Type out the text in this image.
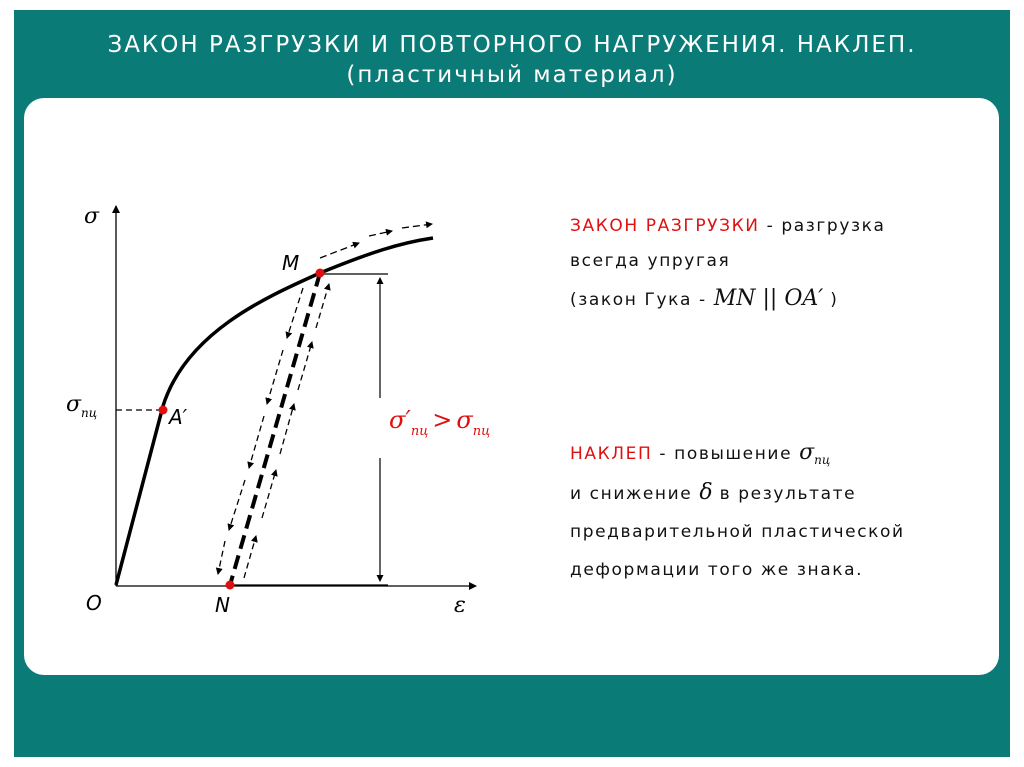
ЗАКОН РАЗГРУЗКИ И ПОВТОРНОГО НАГРУЖЕНИЯ. НАКЛЕП.
(пластичный материал)
σ
ε
O	N
M
A′
$\sigma_{пц}$	$\sigma'_{пц} > \sigma_{пц}$
ЗАКОН РАЗГРУЗКИ - разгрузка
всегда упругая
(закон Гука - MN || OA′ )
НАКЛЕП - повышение $\sigma_{пц}$
и снижение δ в результате
предварительной пластической
деформации того же знака.
